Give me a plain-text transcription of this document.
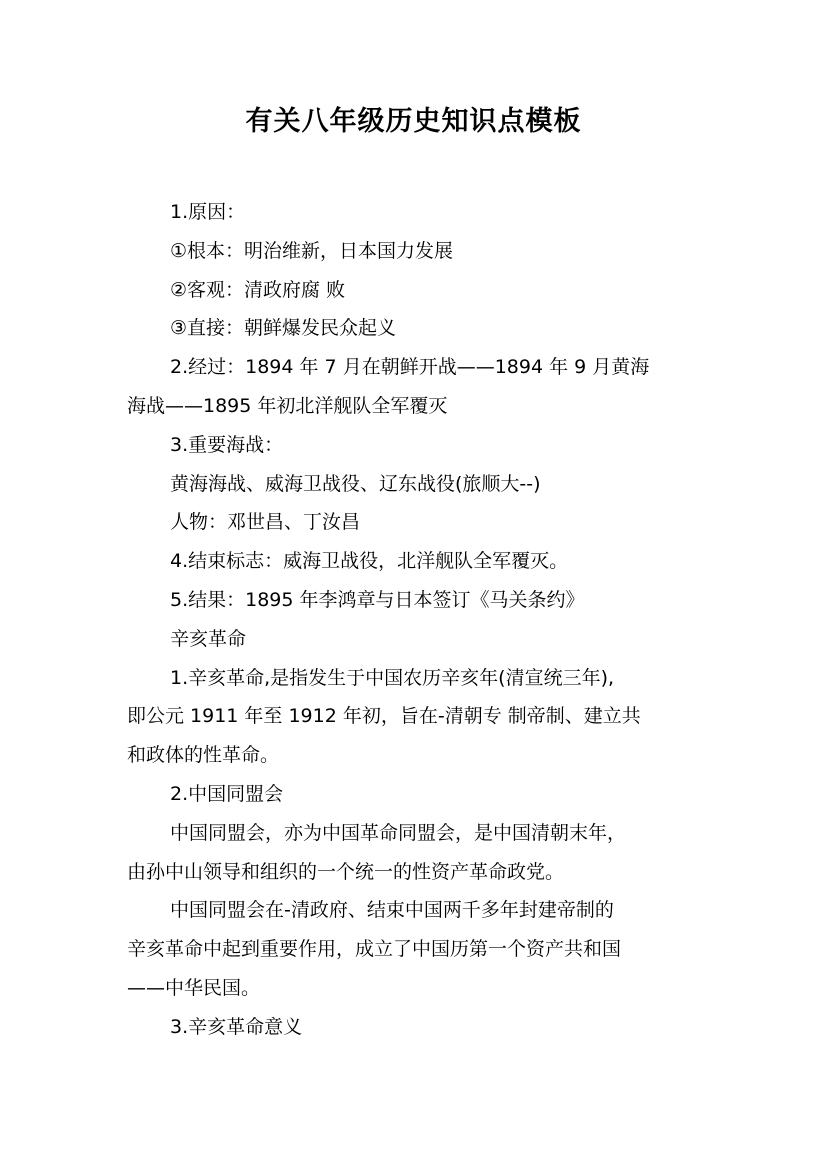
有关八年级历史知识点模板

1.原因：

①根本：明治维新，日本国力发展

②客观：清政府腐 败

③直接：朝鲜爆发民众起义

2.经过：1894 年 7 月在朝鲜开战——1894 年 9 月黄海

海战——1895 年初北洋舰队全军覆灭

3.重要海战：

黄海海战、威海卫战役、辽东战役(旅顺大--)

人物：邓世昌、丁汝昌

4.结束标志：威海卫战役，北洋舰队全军覆灭。

5.结果：1895 年李鸿章与日本签订《马关条约》

辛亥革命

1.辛亥革命,是指发生于中国农历辛亥年(清宣统三年),

即公元 1911 年至 1912 年初，旨在-清朝专 制帝制、建立共

和政体的性革命。

2.中国同盟会

中国同盟会，亦为中国革命同盟会，是中国清朝末年，

由孙中山领导和组织的一个统一的性资产革命政党。

中国同盟会在-清政府、结束中国两千多年封建帝制的

辛亥革命中起到重要作用，成立了中国历第一个资产共和国

——中华民国。

3.辛亥革命意义
